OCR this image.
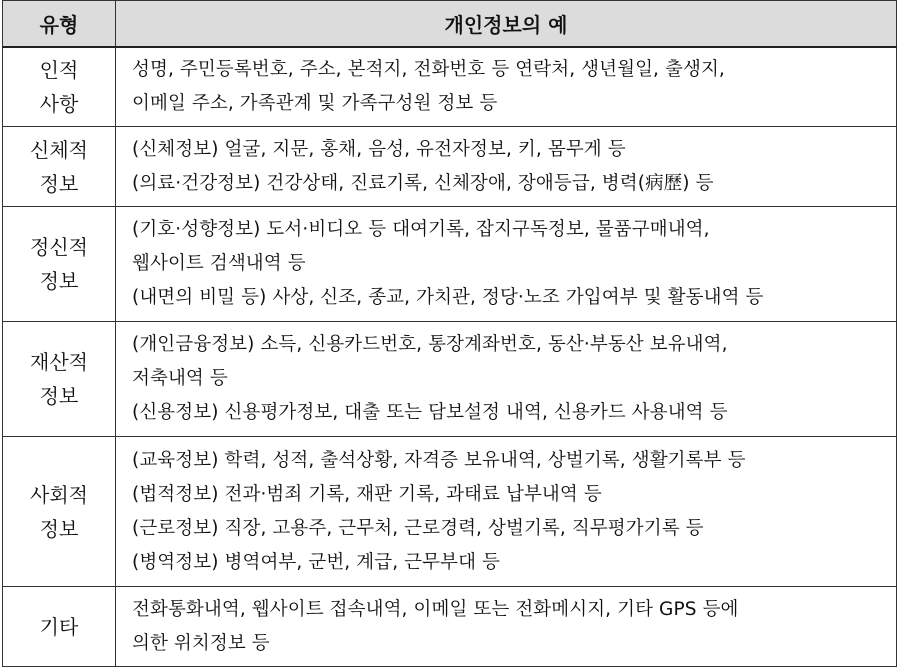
유형	개인정보의 예

인적
사항	성명, 주민등록번호, 주소, 본적지, 전화번호 등 연락처, 생년월일, 출생지,
이메일 주소, 가족관계 및 가족구성원 정보 등

신체적
정보	(신체정보) 얼굴, 지문, 홍채, 음성, 유전자정보, 키, 몸무게 등
(의료·건강정보) 건강상태, 진료기록, 신체장애, 장애등급, 병력(病歷) 등

정신적
정보	(기호·성향정보) 도서·비디오 등 대여기록, 잡지구독정보, 물품구매내역,
웹사이트 검색내역 등
(내면의 비밀 등) 사상, 신조, 종교, 가치관, 정당·노조 가입여부 및 활동내역 등

재산적
정보	(개인금융정보) 소득, 신용카드번호, 통장계좌번호, 동산·부동산 보유내역,
저축내역 등
(신용정보) 신용평가정보, 대출 또는 담보설정 내역, 신용카드 사용내역 등

사회적
정보	(교육정보) 학력, 성적, 출석상황, 자격증 보유내역, 상벌기록, 생활기록부 등
(법적정보) 전과·범죄 기록, 재판 기록, 과태료 납부내역 등
(근로정보) 직장, 고용주, 근무처, 근로경력, 상벌기록, 직무평가기록 등
(병역정보) 병역여부, 군번, 계급, 근무부대 등

기타	전화통화내역, 웹사이트 접속내역, 이메일 또는 전화메시지, 기타 GPS 등에
의한 위치정보 등
